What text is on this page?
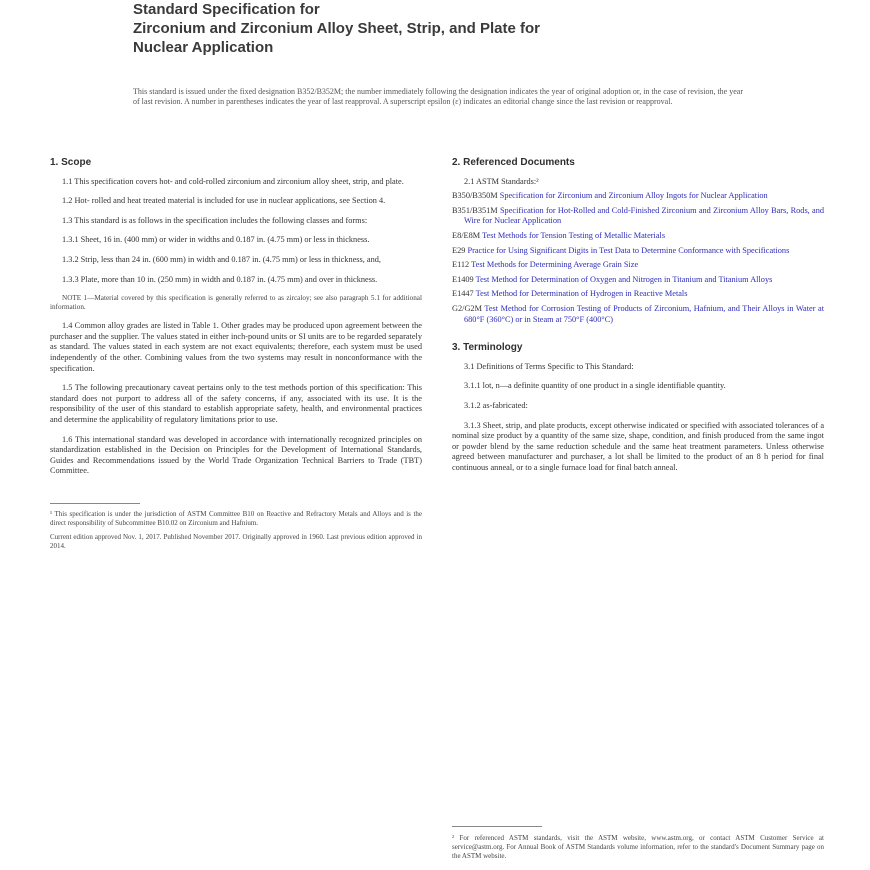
Standard Specification for
Zirconium and Zirconium Alloy Sheet, Strip, and Plate for
Nuclear Application

This standard is issued under the fixed designation B352/B352M; the number immediately following the designation indicates the year of original adoption or, in the case of revision, the year of last revision. A number in parentheses indicates the year of last reapproval. A superscript epsilon (ε) indicates an editorial change since the last revision or reapproval.

1. Scope

1.1 This specification covers hot- and cold-rolled zirconium and zirconium alloy sheet, strip, and plate.

1.2 Hot- rolled and heat treated material is included for use in nuclear applications, see Section 4.

1.3 This standard is as follows in the specification includes the following classes and forms:

1.3.1 Sheet, 16 in. (400 mm) or wider in widths and 0.187 in. (4.75 mm) or less in thickness.

1.3.2 Strip, less than 24 in. (600 mm) in width and 0.187 in. (4.75 mm) or less in thickness, and,

1.3.3 Plate, more than 10 in. (250 mm) in width and 0.187 in. (4.75 mm) and over in thickness.

NOTE 1—Material covered by this specification is generally referred to as zircaloy; see also paragraph 5.1 for additional information.

1.4 Common alloy grades are listed in Table 1. Other grades may be produced upon agreement between the purchaser and the supplier. The values stated in either inch-pound units or SI units are to be regarded separately as standard. The values stated in each system are not exact equivalents; therefore, each system must be used independently of the other. Combining values from the two systems may result in nonconformance with the specification.

1.5 The following precautionary caveat pertains only to the test methods portion of this specification: This standard does not purport to address all of the safety concerns, if any, associated with its use. It is the responsibility of the user of this standard to establish appropriate safety, health, and environmental practices and determine the applicability of regulatory limitations prior to use.

1.6 This international standard was developed in accordance with internationally recognized principles on standardization established in the Decision on Principles for the Development of International Standards, Guides and Recommendations issued by the World Trade Organization Technical Barriers to Trade (TBT) Committee.

¹ This specification is under the jurisdiction of ASTM Committee B10 on Reactive and Refractory Metals and Alloys and is the direct responsibility of Subcommittee B10.02 on Zirconium and Hafnium.

Current edition approved Nov. 1, 2017. Published November 2017. Originally approved in 1960. Last previous edition approved in 2014.

2. Referenced Documents

2.1 ASTM Standards:²

B350/B350M Specification for Zirconium and Zirconium Alloy Ingots for Nuclear Application

B351/B351M Specification for Hot-Rolled and Cold-Finished Zirconium and Zirconium Alloy Bars, Rods, and Wire for Nuclear Application

E8/E8M Test Methods for Tension Testing of Metallic Materials

E29 Practice for Using Significant Digits in Test Data to Determine Conformance with Specifications

E112 Test Methods for Determining Average Grain Size

E1409 Test Method for Determination of Oxygen and Nitrogen in Titanium and Titanium Alloys

E1447 Test Method for Determination of Hydrogen in Reactive Metals

G2/G2M Test Method for Corrosion Testing of Products of Zirconium, Hafnium, and Their Alloys in Water at 680°F (360°C) or in Steam at 750°F (400°C)

3. Terminology

3.1 Definitions of Terms Specific to This Standard:

3.1.1 lot, n—a definite quantity of one product in a single identifiable quantity.

3.1.2 as-fabricated:

3.1.3 Sheet, strip, and plate products, except otherwise indicated or specified with associated tolerances of a nominal size product by a quantity of the same size, shape, condition, and finish produced from the same ingot or powder blend by the same reduction schedule and the same heat treatment parameters. Unless otherwise agreed between manufacturer and purchaser, a lot shall be limited to the product of an 8 h period for final continuous anneal, or to a single furnace load for final batch anneal.

² For referenced ASTM standards, visit the ASTM website, www.astm.org, or contact ASTM Customer Service at service@astm.org. For Annual Book of ASTM Standards volume information, refer to the standard's Document Summary page on the ASTM website.
